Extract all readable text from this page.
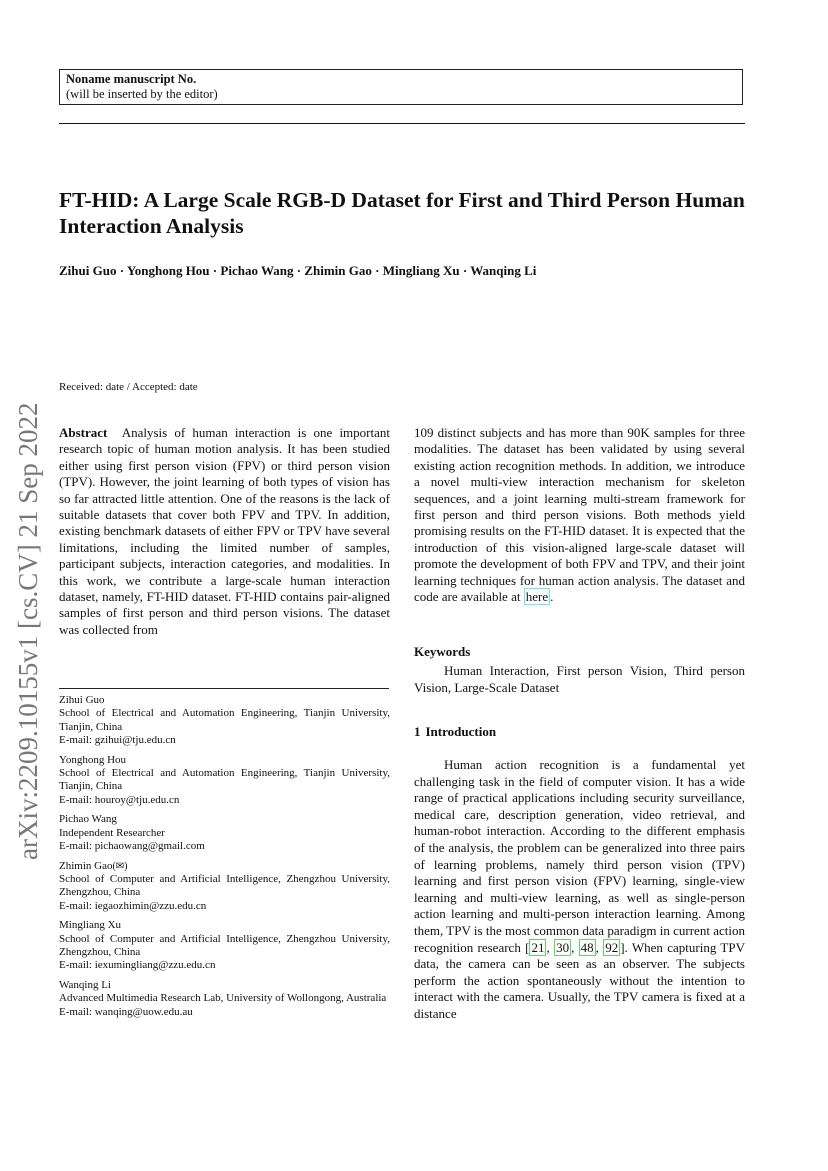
Noname manuscript No.
(will be inserted by the editor)
FT-HID: A Large Scale RGB-D Dataset for First and Third Person Human Interaction Analysis
Zihui Guo · Yonghong Hou · Pichao Wang · Zhimin Gao · Mingliang Xu · Wanqing Li
arXiv:2209.10155v1 [cs.CV] 21 Sep 2022
Received: date / Accepted: date

Abstract Analysis of human interaction is one important research topic of human motion analysis. It has been studied either using first person vision (FPV) or third person vision (TPV). However, the joint learning of both types of vision has so far attracted little attention. One of the reasons is the lack of suitable datasets that cover both FPV and TPV. In addition, existing benchmark datasets of either FPV or TPV have several limitations, including the limited number of samples, participant subjects, interaction categories, and modalities. In this work, we contribute a large-scale human interaction dataset, namely, FT-HID dataset. FT-HID contains pair-aligned samples of first person and third person visions. The dataset was collected from

109 distinct subjects and has more than 90K samples for three modalities. The dataset has been validated by using several existing action recognition methods. In addition, we introduce a novel multi-view interaction mechanism for skeleton sequences, and a joint learning multi-stream framework for first person and third person visions. Both methods yield promising results on the FT-HID dataset. It is expected that the introduction of this vision-aligned large-scale dataset will promote the development of both FPV and TPV, and their joint learning techniques for human action analysis. The dataset and code are available at here .

Keywords
Human Interaction, First person Vision, Third person Vision, Large-Scale Dataset
1 Introduction
Human action recognition is a fundamental yet challenging task in the field of computer vision. It has a wide range of practical applications including security surveillance, medical care, description generation, video retrieval, and human-robot interaction. According to the different emphasis of the analysis, the problem can be generalized into three pairs of learning problems, namely third person vision (TPV) learning and first person vision (FPV) learning, single-view learning and multi-view learning, as well as single-person action learning and multi-person interaction learning. Among them, TPV is the most common data paradigm in current action recognition research [ 21 , 30 , 48 , 92 ]. When capturing TPV data, the camera can be seen as an observer. The subjects perform the action spontaneously without the intention to interact with the camera. Usually, the TPV camera is fixed at a distance
Zihui Guo
School of Electrical and Automation Engineering, Tianjin University, Tianjin, China
E-mail: gzihui@tju.edu.cn
Yonghong Hou
School of Electrical and Automation Engineering, Tianjin University, Tianjin, China
E-mail: houroy@tju.edu.cn
Pichao Wang
Independent Researcher
E-mail: pichaowang@gmail.com
Zhimin Gao(✉)
School of Computer and Artificial Intelligence, Zhengzhou University, Zhengzhou, China
E-mail: iegaozhimin@zzu.edu.cn
Mingliang Xu
School of Computer and Artificial Intelligence, Zhengzhou University, Zhengzhou, China
E-mail: iexumingliang@zzu.edu.cn
Wanqing Li
Advanced Multimedia Research Lab, University of Wollongong, Australia
E-mail: wanqing@uow.edu.au
